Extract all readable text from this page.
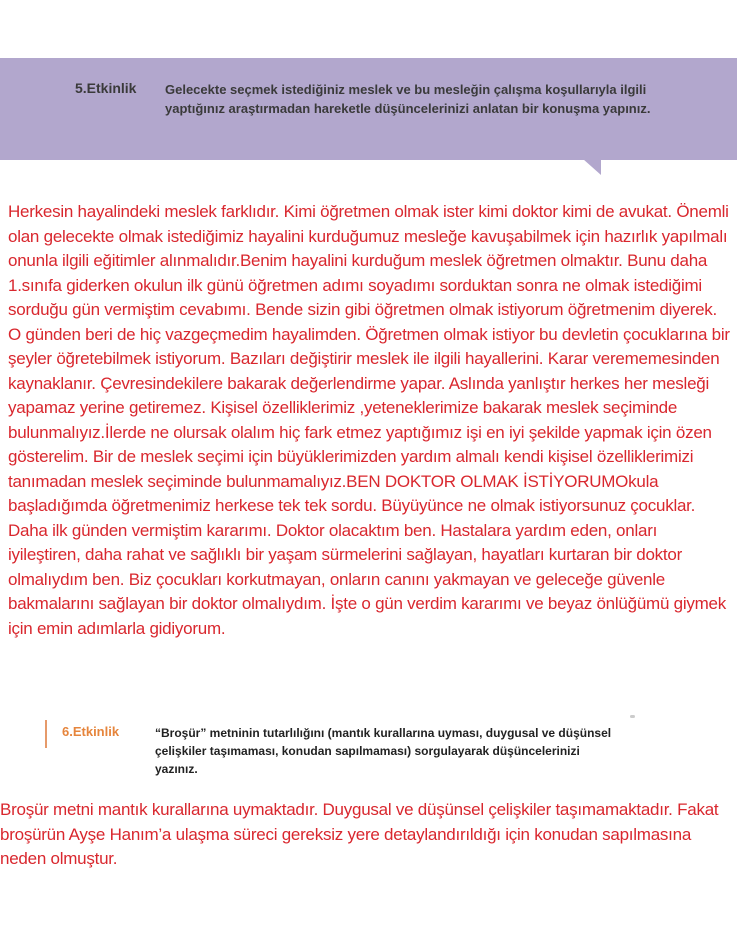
5.Etkinlik Gelecekte seçmek istediğiniz meslek ve bu mesleğin çalışma koşullarıyla ilgili yaptığınız araştırmadan hareketle düşüncelerinizi anlatan bir konuşma yapınız.
Herkesin hayalindeki meslek farklıdır. Kimi öğretmen olmak ister kimi doktor kimi de avukat. Önemli olan gelecekte olmak istediğimiz hayalini kurduğumuz mesleğe kavuşabilmek için hazırlık yapılmalı onunla ilgili eğitimler alınmalıdır.Benim hayalini kurduğum meslek öğretmen olmaktır. Bunu daha 1.sınıfa giderken okulun ilk günü öğretmen adımı soyadımı sorduktan sonra ne olmak istediğimi sorduğu gün vermiştim cevabımı. Bende sizin gibi öğretmen olmak istiyorum öğretmenim diyerek. O günden beri de hiç vazgeçmedim hayalimden. Öğretmen olmak istiyor bu devletin çocuklarına bir şeyler öğretebilmek istiyorum. Bazıları değiştirir meslek ile ilgili hayallerini. Karar verememesinden kaynaklanır. Çevresindekilere bakarak değerlendirme yapar. Aslında yanlıştır herkes her mesleği yapamaz yerine getiremez. Kişisel özelliklerimiz ,yeteneklerimize bakarak meslek seçiminde bulunmalıyız.İlerde ne olursak olalım hiç fark etmez yaptığımız işi en iyi şekilde yapmak için özen gösterelim. Bir de meslek seçimi için büyüklerimizden yardım almalı kendi kişisel özelliklerimizi tanımadan meslek seçiminde bulunmamalıyız.BEN DOKTOR OLMAK İSTİYORUMOkula başladığımda öğretmenimiz herkese tek tek sordu. Büyüyünce ne olmak istiyorsunuz çocuklar. Daha ilk günden vermiştim kararımı. Doktor olacaktım ben. Hastalara yardım eden, onları iyileştiren, daha rahat ve sağlıklı bir yaşam sürmelerini sağlayan, hayatları kurtaran bir doktor olmalıydım ben. Biz çocukları korkutmayan, onların canını yakmayan ve geleceğe güvenle bakmalarını sağlayan bir doktor olmalıydım. İşte o gün verdim kararımı ve beyaz önlüğümü giymek için emin adımlarla gidiyorum.
6.Etkinlik	“Broşür” metninin tutarlılığını (mantık kurallarına uyması, duygusal ve düşünsel çelişkiler taşımaması, konudan sapılmaması) sorgulayarak düşüncelerinizi yazınız.
Broşür metni mantık kurallarına uymaktadır. Duygusal ve düşünsel çelişkiler taşımamaktadır. Fakat broşürün Ayşe Hanım’a ulaşma süreci gereksiz yere detaylandırıldığı için konudan sapılmasına neden olmuştur.
